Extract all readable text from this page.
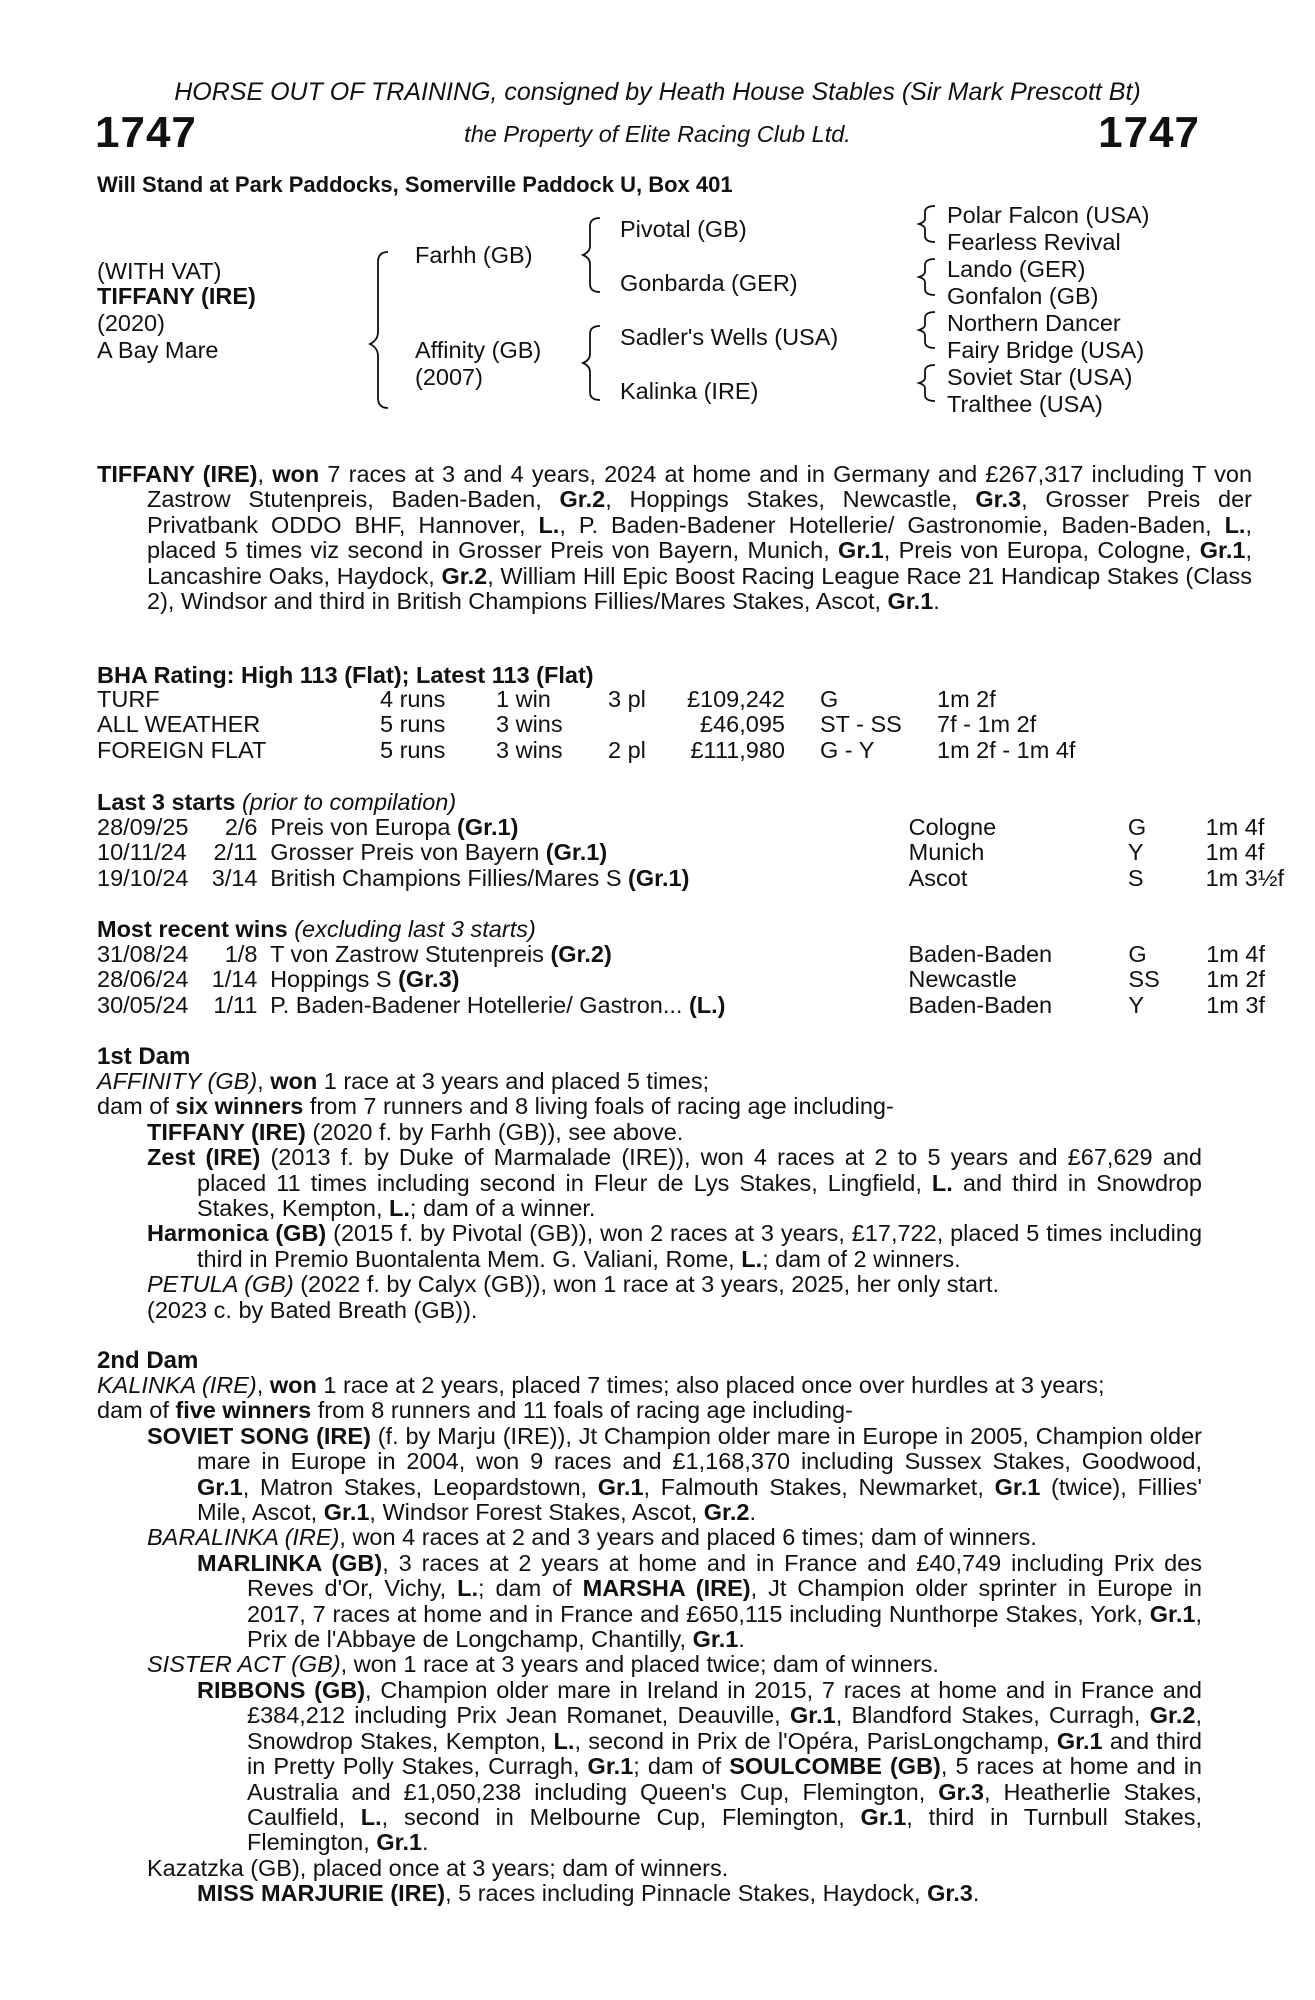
HORSE OUT OF TRAINING, consigned by Heath House Stables (Sir Mark Prescott Bt)
1747	the Property of Elite Racing Club Ltd.	1747
Will Stand at Park Paddocks, Somerville Paddock U, Box 401
(WITH VAT)
TIFFANY (IRE)
(2020)
A Bay Mare
Farhh (GB)
Affinity (GB)
(2007)
Pivotal (GB)
Gonbarda (GER)
Sadler's Wells (USA)
Kalinka (IRE)
Polar Falcon (USA)
Fearless Revival
Lando (GER)
Gonfalon (GB)
Northern Dancer
Fairy Bridge (USA)
Soviet Star (USA)
Tralthee (USA)
TIFFANY (IRE), won 7 races at 3 and 4 years, 2024 at home and in Germany and £267,317 including T von Zastrow Stutenpreis, Baden-Baden, Gr.2, Hoppings Stakes, Newcastle, Gr.3, Grosser Preis der Privatbank ODDO BHF, Hannover, L., P. Baden-Badener Hotellerie/ Gastronomie, Baden-Baden, L., placed 5 times viz second in Grosser Preis von Bayern, Munich, Gr.1, Preis von Europa, Cologne, Gr.1, Lancashire Oaks, Haydock, Gr.2, William Hill Epic Boost Racing League Race 21 Handicap Stakes (Class 2), Windsor and third in British Champions Fillies/Mares Stakes, Ascot, Gr.1.
BHA Rating: High 113 (Flat); Latest 113 (Flat)
TURF	4 runs	1 win	3 pl	£109,242		G	1m 2f
ALL WEATHER	5 runs	3 wins		£46,095		ST - SS	7f - 1m 2f
FOREIGN FLAT	5 runs	3 wins	2 pl	£111,980		G - Y	1m 2f - 1m 4f
Last 3 starts (prior to compilation)
28/09/25	2/6		Preis von Europa (Gr.1)	Cologne	G	1m 4f
10/11/24	2/11		Grosser Preis von Bayern (Gr.1)	Munich	Y	1m 4f
19/10/24	3/14		British Champions Fillies/Mares S (Gr.1)	Ascot	S	1m 3½f
Most recent wins (excluding last 3 starts)
31/08/24	1/8		T von Zastrow Stutenpreis (Gr.2)	Baden-Baden	G	1m 4f
28/06/24	1/14		Hoppings S (Gr.3)	Newcastle	SS	1m 2f
30/05/24	1/11		P. Baden-Badener Hotellerie/ Gastron... (L.)	Baden-Baden	Y	1m 3f
1st Dam
AFFINITY (GB), won 1 race at 3 years and placed 5 times;
dam of six winners from 7 runners and 8 living foals of racing age including-
TIFFANY (IRE) (2020 f. by Farhh (GB)), see above.
Zest (IRE) (2013 f. by Duke of Marmalade (IRE)), won 4 races at 2 to 5 years and £67,629 and placed 11 times including second in Fleur de Lys Stakes, Lingfield, L. and third in Snowdrop Stakes, Kempton, L.; dam of a winner.
Harmonica (GB) (2015 f. by Pivotal (GB)), won 2 races at 3 years, £17,722, placed 5 times including third in Premio Buontalenta Mem. G. Valiani, Rome, L.; dam of 2 winners.
PETULA (GB) (2022 f. by Calyx (GB)), won 1 race at 3 years, 2025, her only start.
(2023 c. by Bated Breath (GB)).
2nd Dam
KALINKA (IRE), won 1 race at 2 years, placed 7 times; also placed once over hurdles at 3 years;
dam of five winners from 8 runners and 11 foals of racing age including-
SOVIET SONG (IRE) (f. by Marju (IRE)), Jt Champion older mare in Europe in 2005, Champion older mare in Europe in 2004, won 9 races and £1,168,370 including Sussex Stakes, Goodwood, Gr.1, Matron Stakes, Leopardstown, Gr.1, Falmouth Stakes, Newmarket, Gr.1 (twice), Fillies' Mile, Ascot, Gr.1, Windsor Forest Stakes, Ascot, Gr.2.
BARALINKA (IRE), won 4 races at 2 and 3 years and placed 6 times; dam of winners.
MARLINKA (GB), 3 races at 2 years at home and in France and £40,749 including Prix des Reves d'Or, Vichy, L.; dam of MARSHA (IRE), Jt Champion older sprinter in Europe in 2017, 7 races at home and in France and £650,115 including Nunthorpe Stakes, York, Gr.1, Prix de l'Abbaye de Longchamp, Chantilly, Gr.1.
SISTER ACT (GB), won 1 race at 3 years and placed twice; dam of winners.
RIBBONS (GB), Champion older mare in Ireland in 2015, 7 races at home and in France and £384,212 including Prix Jean Romanet, Deauville, Gr.1, Blandford Stakes, Curragh, Gr.2, Snowdrop Stakes, Kempton, L., second in Prix de l'Opéra, ParisLongchamp, Gr.1 and third in Pretty Polly Stakes, Curragh, Gr.1; dam of SOULCOMBE (GB), 5 races at home and in Australia and £1,050,238 including Queen's Cup, Flemington, Gr.3, Heatherlie Stakes, Caulfield, L., second in Melbourne Cup, Flemington, Gr.1, third in Turnbull Stakes, Flemington, Gr.1.
Kazatzka (GB), placed once at 3 years; dam of winners.
MISS MARJURIE (IRE), 5 races including Pinnacle Stakes, Haydock, Gr.3.
